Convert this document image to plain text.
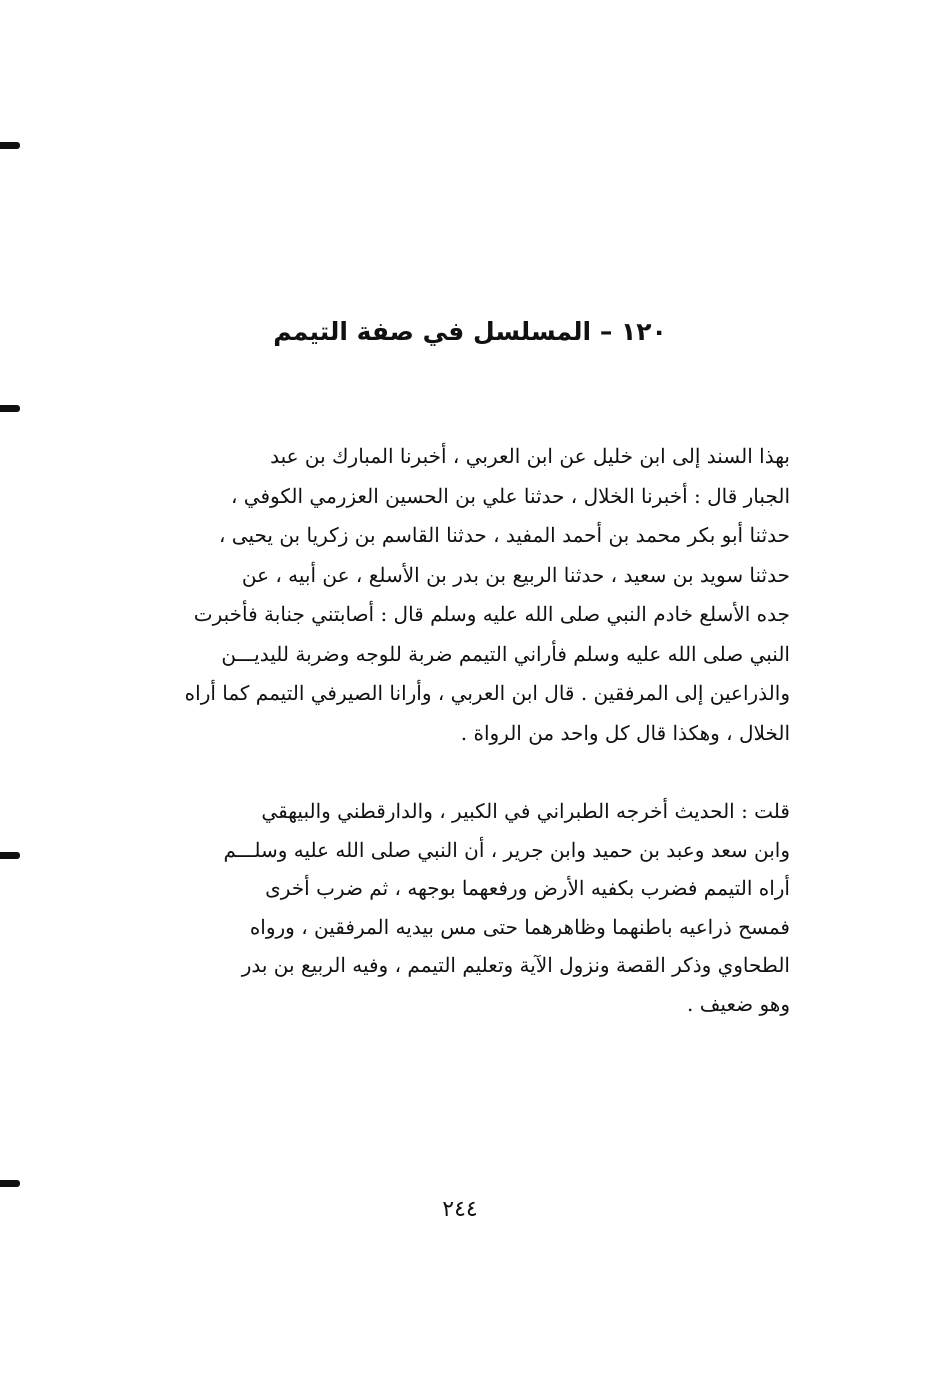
١٢٠ – المسلسل في صفة التيمم
بهذا السند إلى ابن خليل عن ابن العربي ، أخبرنا المبارك بن عبد
الجبار قال : أخبرنا الخلال ، حدثنا علي بن الحسين العزرمي الكوفي ،
حدثنا أبو بكر محمد بن أحمد المفيد ، حدثنا القاسم بن زكريا بن يحيى ،
حدثنا سويد بن سعيد ، حدثنا الربيع بن بدر بن الأسلع ، عن أبيه ، عن
جده الأسلع خادم النبي صلى الله عليه وسلم قال : أصابتني جنابة فأخبرت
النبي صلى الله عليه وسلم فأراني التيمم ضربة للوجه وضربة لليديـــن
والذراعين إلى المرفقين . قال ابن العربي ، وأرانا الصيرفي التيمم كما أراه
الخلال ، وهكذا قال كل واحد من الرواة .
قلت : الحديث أخرجه الطبراني في الكبير ، والدارقطني والبيهقي
وابن سعد وعبد بن حميد وابن جرير ، أن النبي صلى الله عليه وسلـــم
أراه التيمم فضرب بكفيه الأرض ورفعهما بوجهه ، ثم ضرب أخرى
فمسح ذراعيه باطنهما وظاهرهما حتى مس بيديه المرفقين ، ورواه
الطحاوي وذكر القصة ونزول الآية وتعليم التيمم ، وفيه الربيع بن بدر
وهو ضعيف .
٢٤٤
